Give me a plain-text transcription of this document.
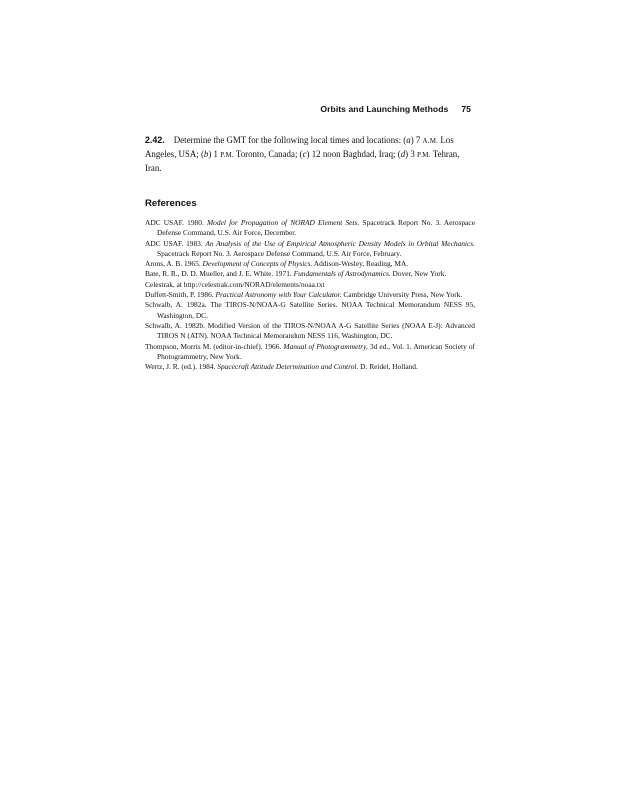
Orbits and Launching Methods 75
2.42. Determine the GMT for the following local times and locations: (a) 7 A.M. Los Angeles, USA; (b) 1 P.M. Toronto, Canada; (c) 12 noon Baghdad, Iraq; (d) 3 P.M. Tehran, Iran.
References

ADC USAF. 1980. Model for Propagation of NORAD Element Sets. Spacetrack Report No. 3. Aerospace Defense Command, U.S. Air Force, December.

ADC USAF. 1983. An Analysis of the Use of Empirical Atmospheric Density Models in Orbital Mechanics. Spacetrack Report No. 3. Aerospace Defense Command, U.S. Air Force, February.

Arons, A. B. 1965. Development of Concepts of Physics. Addison-Wesley, Reading, MA.

Bate, R. R., D. D. Mueller, and J. E. White. 1971. Fundamentals of Astrodynamics. Dover, New York.

Celestrak, at http://celestrak.com/NORAD/elements/noaa.txt

Duffett-Smith, P. 1986. Practical Astronomy with Your Calculator. Cambridge University Press, New York.

Schwalb, A. 1982a. The TIROS-N/NOAA-G Satellite Series. NOAA Technical Memorandum NESS 95, Washington, DC.

Schwalb, A. 1982b. Modified Version of the TIROS-N/NOAA A-G Satellite Series (NOAA E-J): Advanced TIROS N (ATN). NOAA Technical Memorandum NESS 116, Washington, DC.

Thompson, Morris M. (editor-in-chief). 1966. Manual of Photogrammetry, 3d ed., Vol. 1. American Society of Photogrammetry, New York.

Wertz, J. R. (ed.). 1984. Spacecraft Attitude Determination and Control. D. Reidel, Holland.
